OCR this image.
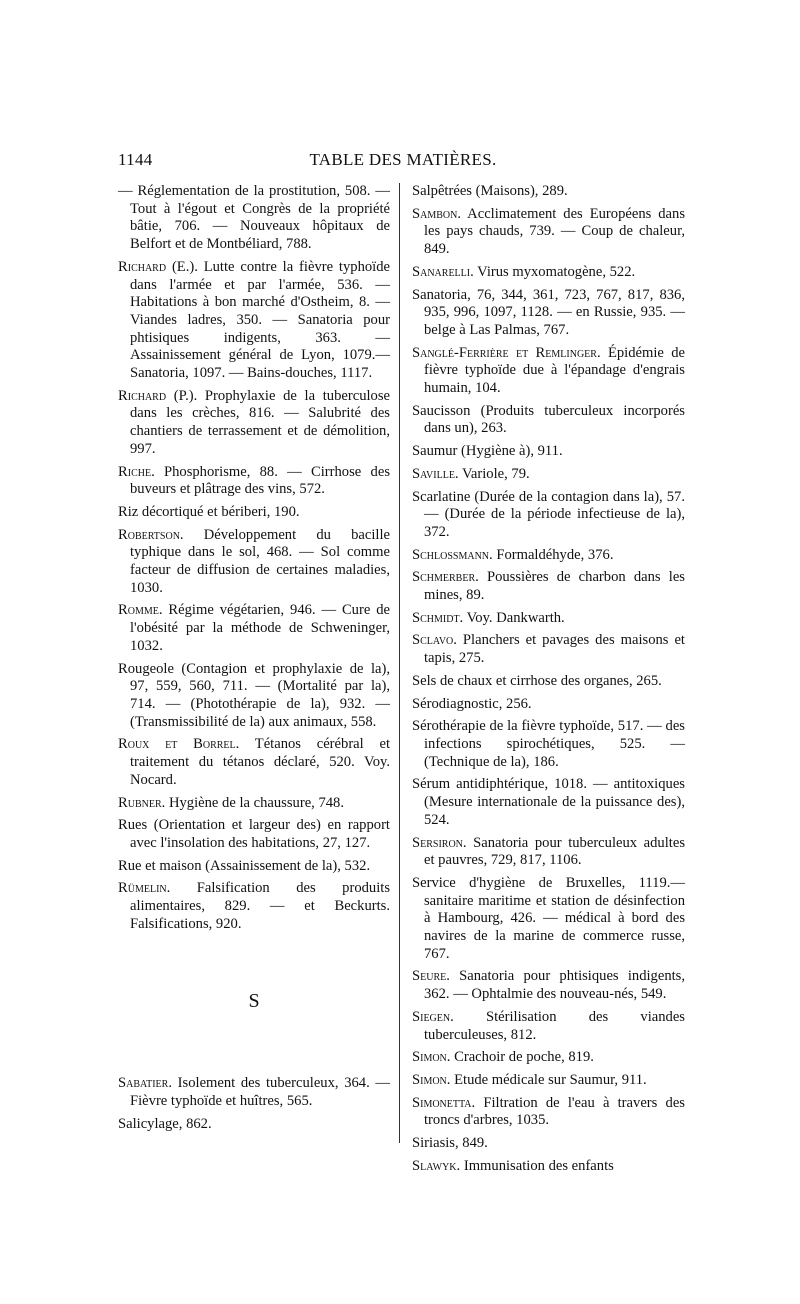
1144	TABLE DES MATIÈRES.
— Réglementation de la prostitution, 508. — Tout à l'égout et Congrès de la propriété bâtie, 706. — Nouveaux hôpitaux de Belfort et de Montbéliard, 788.
Richard (E.). Lutte contre la fièvre typhoïde dans l'armée et par l'armée, 536. — Habitations à bon marché d'Ostheim, 8. — Viandes ladres, 350. — Sanatoria pour phtisiques indigents, 363. — Assainissement général de Lyon, 1079.— Sanatoria, 1097. — Bains-douches, 1117.
Richard (P.). Prophylaxie de la tuberculose dans les crèches, 816. — Salubrité des chantiers de terrassement et de démolition, 997.
Riche. Phosphorisme, 88. — Cirrhose des buveurs et plâtrage des vins, 572.
Riz décortiqué et bériberi, 190.
Robertson. Développement du bacille typhique dans le sol, 468. — Sol comme facteur de diffusion de certaines maladies, 1030.
Romme. Régime végétarien, 946. — Cure de l'obésité par la méthode de Schweninger, 1032.
Rougeole (Contagion et prophylaxie de la), 97, 559, 560, 711. — (Mortalité par la), 714. — (Photothérapie de la), 932. — (Transmissibilité de la) aux animaux, 558.
Roux et Borrel. Tétanos cérébral et traitement du tétanos déclaré, 520. Voy. Nocard.
Rubner. Hygiène de la chaussure, 748.
Rues (Orientation et largeur des) en rapport avec l'insolation des habitations, 27, 127.
Rue et maison (Assainissement de la), 532.
Rümelin. Falsification des produits alimentaires, 829. — et Beckurts. Falsifications, 920.
S
Sabatier. Isolement des tuberculeux, 364. — Fièvre typhoïde et huîtres, 565.
Salicylage, 862.
Salpêtrées (Maisons), 289.
Sambon. Acclimatement des Européens dans les pays chauds, 739. — Coup de chaleur, 849.
Sanarelli. Virus myxomatogène, 522.
Sanatoria, 76, 344, 361, 723, 767, 817, 836, 935, 996, 1097, 1128. — en Russie, 935. — belge à Las Palmas, 767.
Sanglé-Ferrière et Remlinger. Épidémie de fièvre typhoïde due à l'épandage d'engrais humain, 104.
Saucisson (Produits tuberculeux incorporés dans un), 263.
Saumur (Hygiène à), 911.
Saville. Variole, 79.
Scarlatine (Durée de la contagion dans la), 57. — (Durée de la période infectieuse de la), 372.
Schlossmann. Formaldéhyde, 376.
Schmerber. Poussières de charbon dans les mines, 89.
Schmidt. Voy. Dankwarth.
Sclavo. Planchers et pavages des maisons et tapis, 275.
Sels de chaux et cirrhose des organes, 265.
Sérodiagnostic, 256.
Sérothérapie de la fièvre typhoïde, 517. — des infections spirochétiques, 525. — (Technique de la), 186.
Sérum antidiphtérique, 1018. — antitoxiques (Mesure internationale de la puissance des), 524.
Sersiron. Sanatoria pour tuberculeux adultes et pauvres, 729, 817, 1106.
Service d'hygiène de Bruxelles, 1119.— sanitaire maritime et station de désinfection à Hambourg, 426. — médical à bord des navires de la marine de commerce russe, 767.
Seure. Sanatoria pour phtisiques indigents, 362. — Ophtalmie des nouveau-nés, 549.
Siegen. Stérilisation des viandes tuberculeuses, 812.
Simon. Crachoir de poche, 819.
Simon. Etude médicale sur Saumur, 911.
Simonetta. Filtration de l'eau à travers des troncs d'arbres, 1035.
Siriasis, 849.
Slawyk. Immunisation des enfants
